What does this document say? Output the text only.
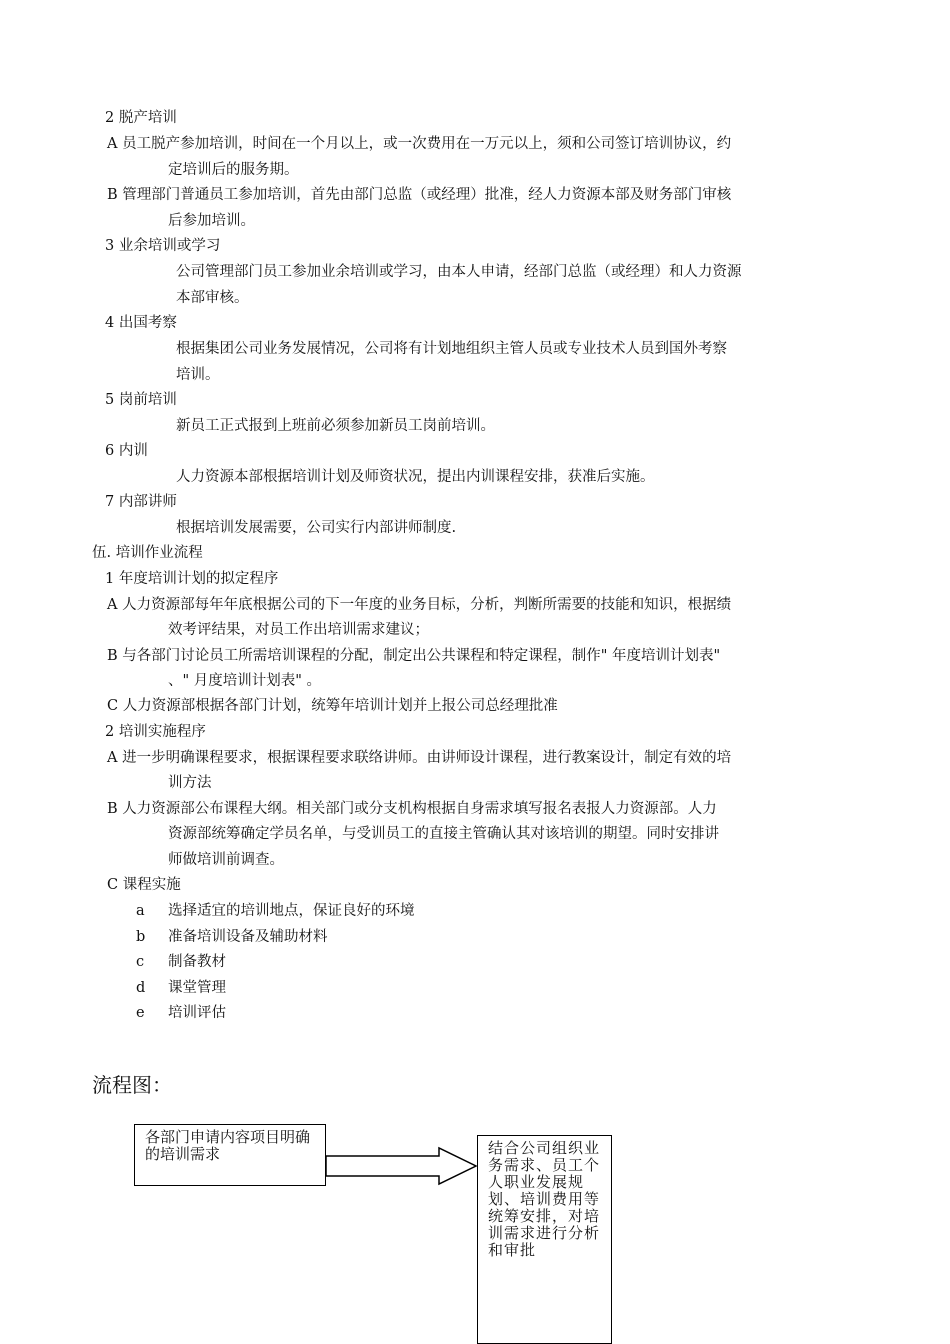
2 脱产培训
A 员工脱产参加培训，时间在一个月以上，或一次费用在一万元以上，须和公司签订培训协议，约
定培训后的服务期。
B 管理部门普通员工参加培训，首先由部门总监（或经理）批准，经人力资源本部及财务部门审核
后参加培训。
3 业余培训或学习
公司管理部门员工参加业余培训或学习，由本人申请，经部门总监（或经理）和人力资源
本部审核。
4 出国考察
根据集团公司业务发展情况，公司将有计划地组织主管人员或专业技术人员到国外考察
培训。
5 岗前培训
新员工正式报到上班前必须参加新员工岗前培训。
6 内训
人力资源本部根据培训计划及师资状况，提出内训课程安排，获准后实施。
7 内部讲师
根据培训发展需要，公司实行内部讲师制度.
伍. 培训作业流程
1 年度培训计划的拟定程序
A 人力资源部每年年底根据公司的下一年度的业务目标，分析，判断所需要的技能和知识，根据绩
效考评结果，对员工作出培训需求建议；
B 与各部门讨论员工所需培训课程的分配，制定出公共课程和特定课程，制作" 年度培训计划表"
、" 月度培训计划表" 。
C 人力资源部根据各部门计划，统筹年培训计划并上报公司总经理批准
2 培训实施程序
A 进一步明确课程要求，根据课程要求联络讲师。由讲师设计课程，进行教案设计，制定有效的培
训方法
B 人力资源部公布课程大纲。相关部门或分支机构根据自身需求填写报名表报人力资源部。人力
资源部统筹确定学员名单，与受训员工的直接主管确认其对该培训的期望。同时安排讲
师做培训前调查。
C 课程实施
a 选择适宜的培训地点，保证良好的环境
b 准备培训设备及辅助材料
c 制备教材
d 课堂管理
e 培训评估
流程图：
各部门申请内容项目明确的培训需求	结合公司组织业务需求、员工个人职业发展规划、培训费用等统筹安排，对培训需求进行分析和审批
